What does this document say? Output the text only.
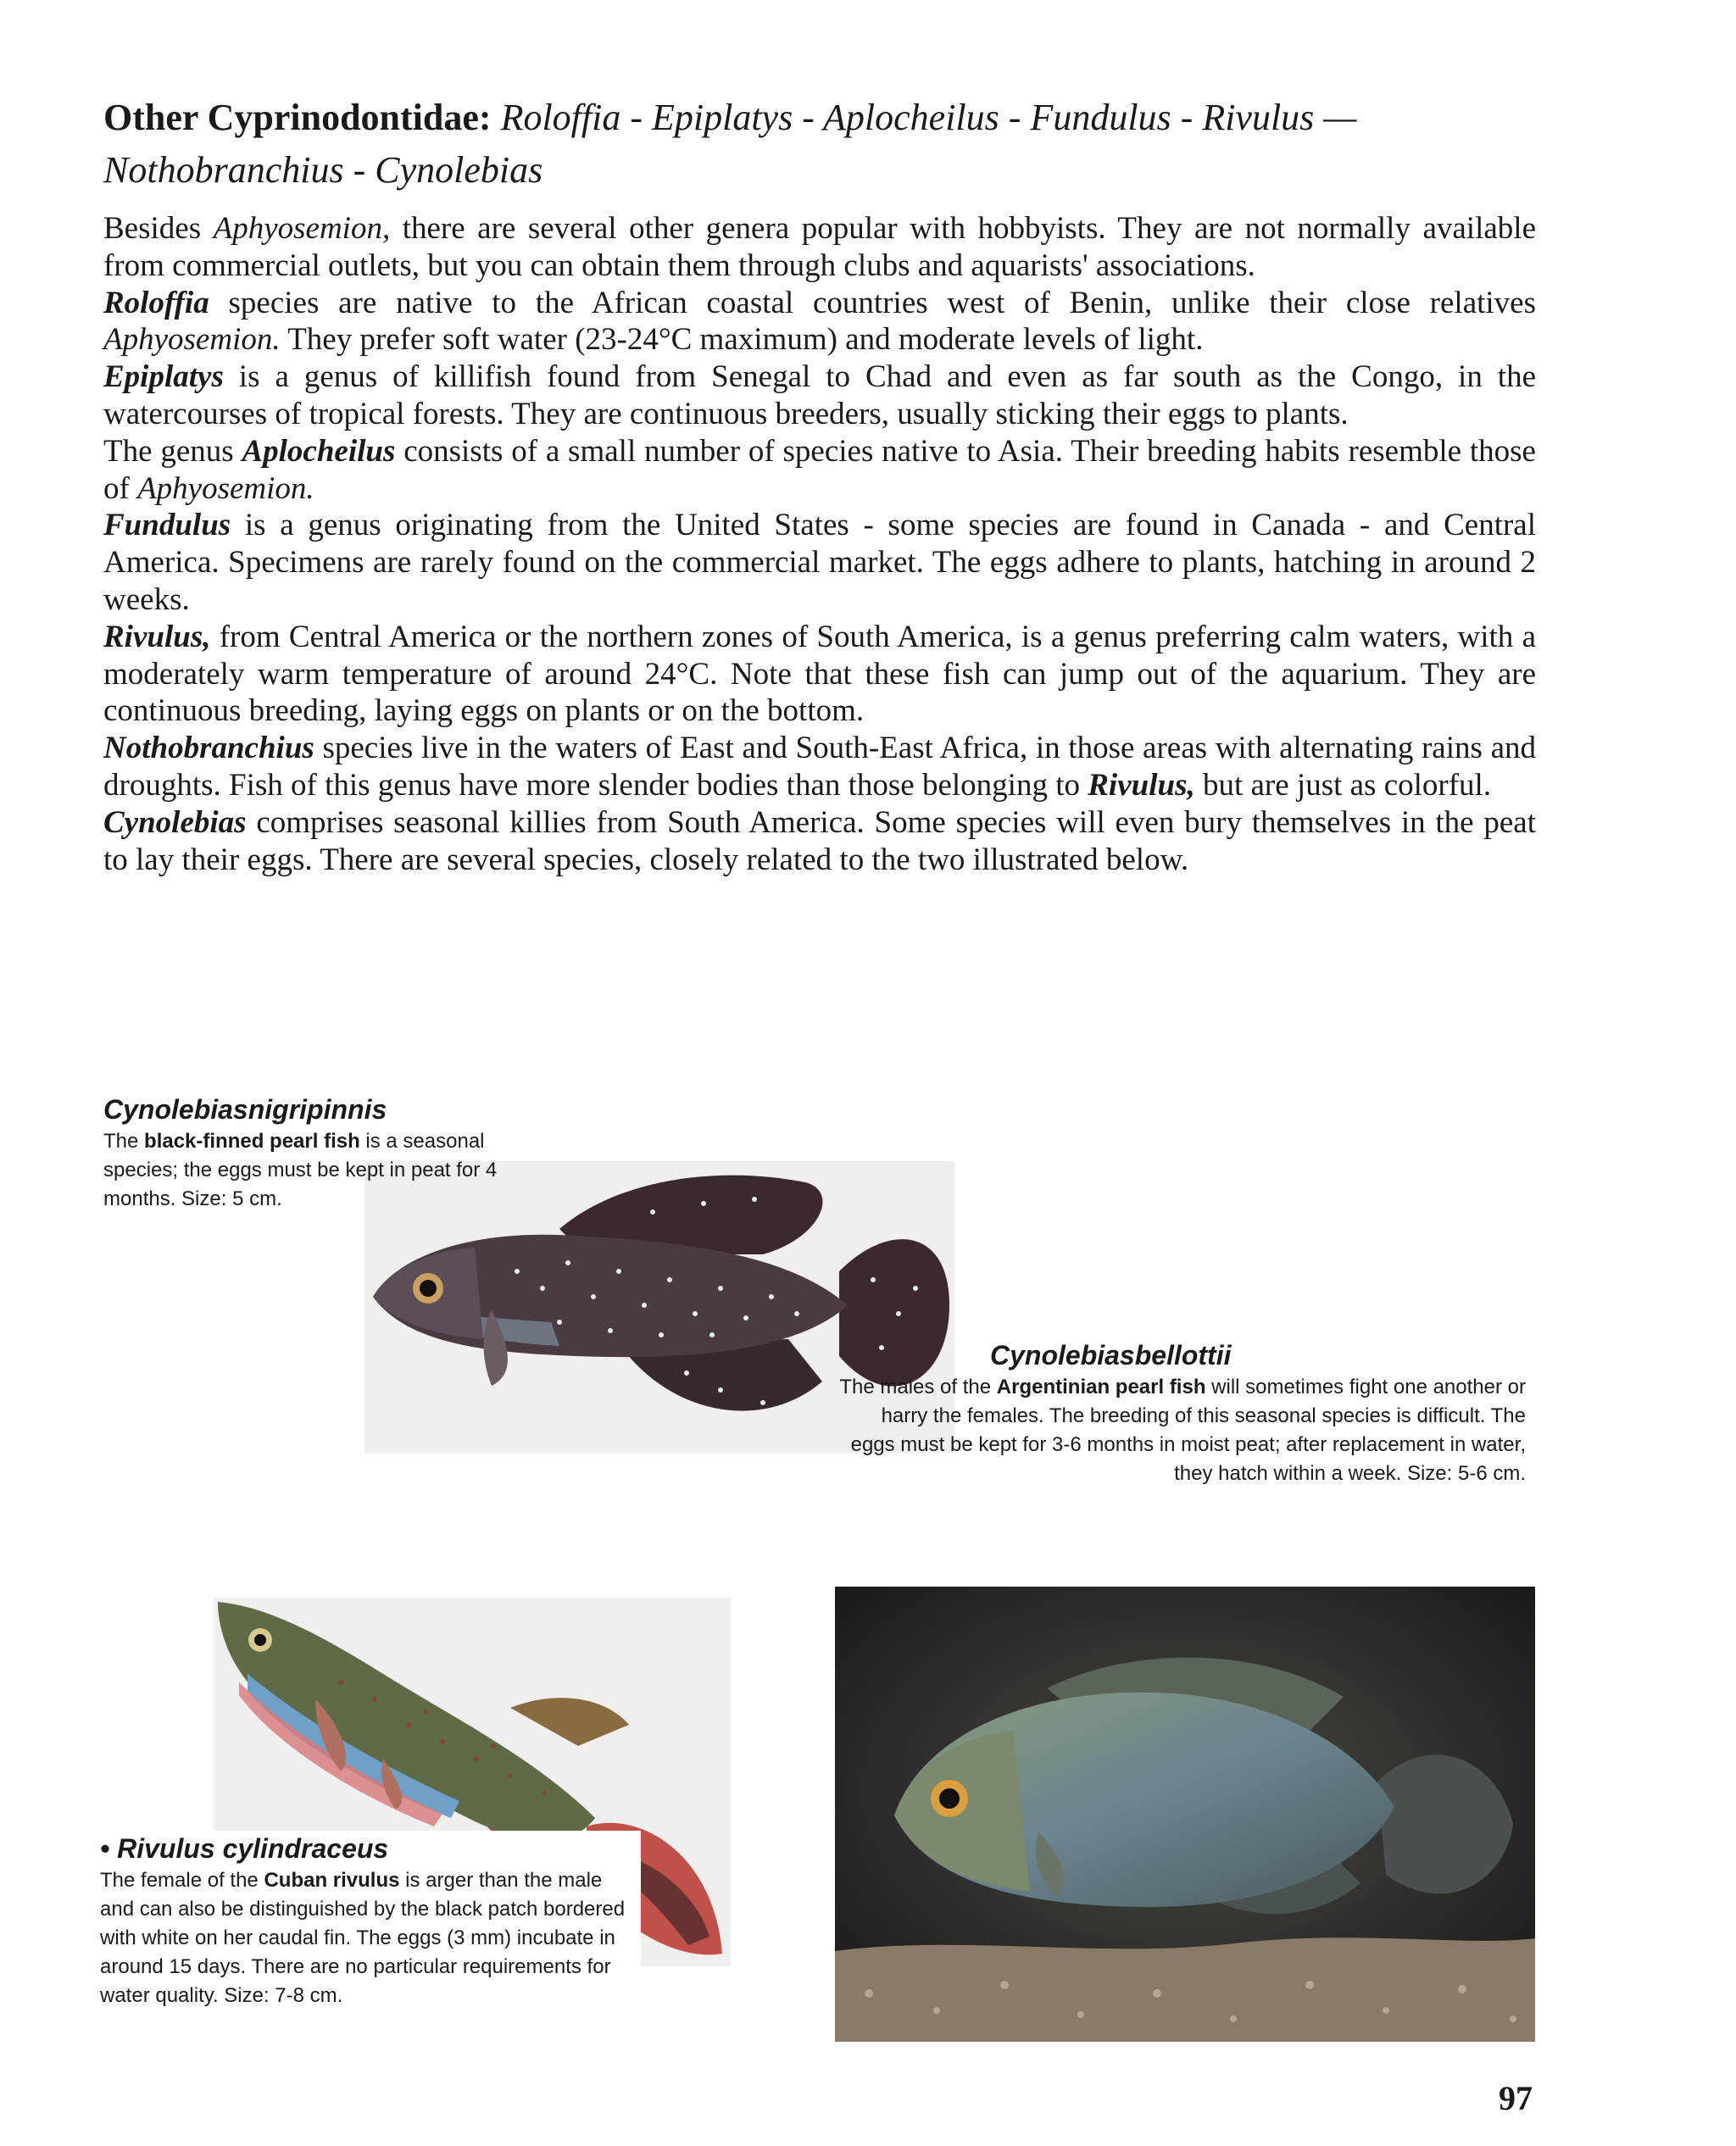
Other Cyprinodontidae: Roloffia - Epiplatys - Aplocheilus - Fundulus - Rivulus —
Nothobranchius - Cynolebias

Besides Aphyosemion, there are several other genera popular with hobbyists. They are not normally available from commercial outlets, but you can obtain them through clubs and aquarists' associations.

Roloffia species are native to the African coastal countries west of Benin, unlike their close relatives Aphyosemion. They prefer soft water (23-24°C maximum) and moderate levels of light.

Epiplatys is a genus of killifish found from Senegal to Chad and even as far south as the Congo, in the watercourses of tropical forests. They are continuous breeders, usually sticking their eggs to plants.

The genus Aplocheilus consists of a small number of species native to Asia. Their breeding habits resemble those of Aphyosemion.

Fundulus is a genus originating from the United States - some species are found in Canada - and Central America. Specimens are rarely found on the commercial market. The eggs adhere to plants, hatching in around 2 weeks.

Rivulus, from Central America or the northern zones of South America, is a genus preferring calm waters, with a moderately warm temperature of around 24°C. Note that these fish can jump out of the aquarium. They are continuous breeding, laying eggs on plants or on the bottom.

Nothobranchius species live in the waters of East and South-East Africa, in those areas with alternating rains and droughts. Fish of this genus have more slender bodies than those belonging to Rivulus, but are just as colorful.

Cynolebias comprises seasonal killies from South America. Some species will even bury themselves in the peat to lay their eggs. There are several species, closely related to the two illustrated below.

Cynolebiasnigripinnis
The black-finned pearl fish is a seasonal species; the eggs must be kept in peat for 4 months. Size: 5 cm.
Cynolebiasbellottii
The males of the Argentinian pearl fish will sometimes fight one another or harry the females. The breeding of this seasonal species is difficult. The eggs must be kept for 3-6 months in moist peat; after replacement in water, they hatch within a week. Size: 5-6 cm.
• Rivulus cylindraceus
The female of the Cuban rivulus is arger than the male and can also be distinguished by the black patch bordered with white on her caudal fin. The eggs (3 mm) incubate in around 15 days. There are no particular requirements for water quality. Size: 7-8 cm.
97
